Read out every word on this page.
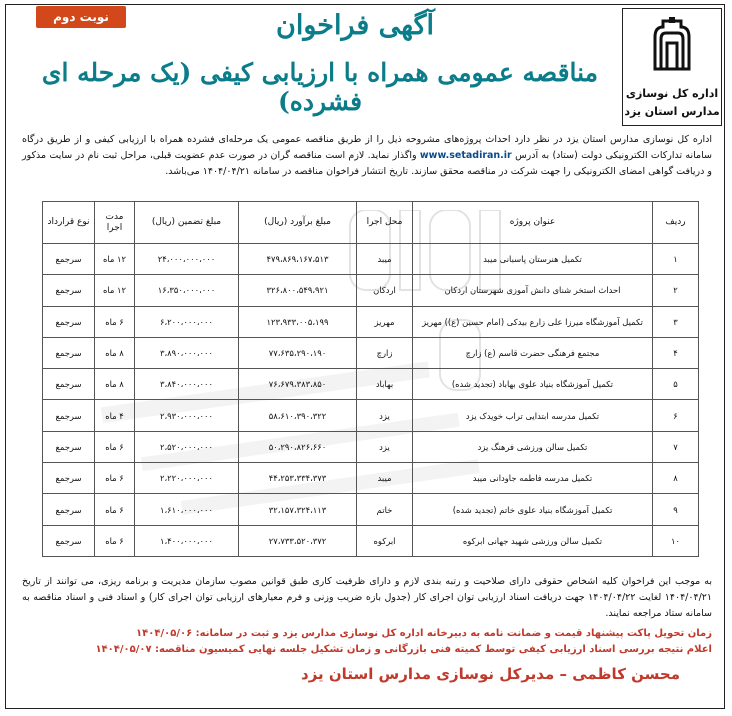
اداره کل نوسازی
مدارس استان یزد
نوبت دوم	آگهی فراخوان
مناقصه عمومی همراه با ارزیابی کیفی (یک مرحله ای فشرده)
اداره کل نوسازی مدارس استان یزد در نظر دارد احداث پروژه‌های مشروحه ذیل را از طریق مناقصه عمومی یک مرحله‌ای فشرده همراه با ارزیابی کیفی و از طریق درگاه سامانه تدارکات الکترونیکی دولت (ستاد) به آدرس www.setadiran.ir واگذار نماید. لازم است مناقصه گران در صورت عدم عضویت قبلی، مراحل ثبت نام در سایت مذکور و دریافت گواهی امضای الکترونیکی را جهت شرکت در مناقصه محقق سازند. تاریخ انتشار فراخوان مناقصه در سامانه ۱۴۰۴/۰۴/۲۱ می‌باشد.
ردیف	عنوان پروژه	محل اجرا	مبلغ برآورد (ریال)	مبلغ تضمین (ریال)	مدت اجرا	نوع قرارداد
۱	تکمیل هنرستان پاسبانی میبد	میبد	۴۷۹،۸۶۹،۱۶۷،۵۱۳	۲۴،۰۰۰،۰۰۰،۰۰۰	۱۲ ماه	سرجمع
۲	احداث استخر شنای دانش آموزی شهرستان اردکان	اردکان	۳۲۶،۸۰۰،۵۴۹،۹۲۱	۱۶،۳۵۰،۰۰۰،۰۰۰	۱۲ ماه	سرجمع
۳	تکمیل آموزشگاه میرزا علی زارع بیدکی (امام حسین (ع)) مهریز	مهریز	۱۲۳،۹۳۳،۰۰۵،۱۹۹	۶،۲۰۰،۰۰۰،۰۰۰	۶ ماه	سرجمع
۴	مجتمع فرهنگی حضرت قاسم (ع) زارچ	زارچ	۷۷،۶۳۵،۲۹۰،۱۹۰	۳،۸۹۰،۰۰۰،۰۰۰	۸ ماه	سرجمع
۵	تکمیل آموزشگاه بنیاد علوی بهاباد (تجدید شده)	بهاباد	۷۶،۶۷۹،۳۸۳،۸۵۰	۳،۸۴۰،۰۰۰،۰۰۰	۸ ماه	سرجمع
۶	تکمیل مدرسه ابتدایی تراب خویدک یزد	یزد	۵۸،۶۱۰،۳۹۰،۳۲۲	۲،۹۳۰،۰۰۰،۰۰۰	۴ ماه	سرجمع
۷	تکمیل سالن ورزشی فرهنگ یزد	یزد	۵۰،۲۹۰،۸۲۶،۶۶۰	۲،۵۲۰،۰۰۰،۰۰۰	۶ ماه	سرجمع
۸	تکمیل مدرسه فاطمه جاودانی میبد	میبد	۴۴،۲۵۳،۳۳۴،۳۷۳	۲،۲۲۰،۰۰۰،۰۰۰	۶ ماه	سرجمع
۹	تکمیل آموزشگاه بنیاد علوی خاتم (تجدید شده)	خاتم	۳۲،۱۵۷،۳۲۴،۱۱۳	۱،۶۱۰،۰۰۰،۰۰۰	۶ ماه	سرجمع
۱۰	تکمیل سالن ورزشی شهید جهانی ابرکوه	ابرکوه	۲۷،۷۳۳،۵۲۰،۳۷۲	۱،۴۰۰،۰۰۰،۰۰۰	۶ ماه	سرجمع
به موجب این فراخوان کلیه اشخاص حقوقی دارای صلاحیت و رتبه بندی لازم و دارای ظرفیت کاری طبق قوانین مصوب سازمان مدیریت و برنامه ریزی، می توانند از تاریخ ۱۴۰۴/۰۴/۲۱ لغایت ۱۴۰۴/۰۴/۲۲ جهت دریافت اسناد ارزیابی توان اجرای کار (جدول بازه ضریب وزنی و فرم معیارهای ارزیابی توان اجرای کار) و اسناد فنی و اسناد مناقصه به سامانه ستاد مراجعه نمایند.
زمان تحویل پاکت پیشنهاد قیمت و ضمانت نامه به دبیرخانه اداره کل نوسازی مدارس یزد و ثبت در سامانه: ۱۴۰۴/۰۵/۰۶
اعلام نتیجه بررسی اسناد ارزیابی کیفی توسط کمیته فنی بازرگانی و زمان تشکیل جلسه نهایی کمیسیون مناقصه: ۱۴۰۴/۰۵/۰۷
محسن کاظمی – مدیرکل نوسازی مدارس استان یزد
